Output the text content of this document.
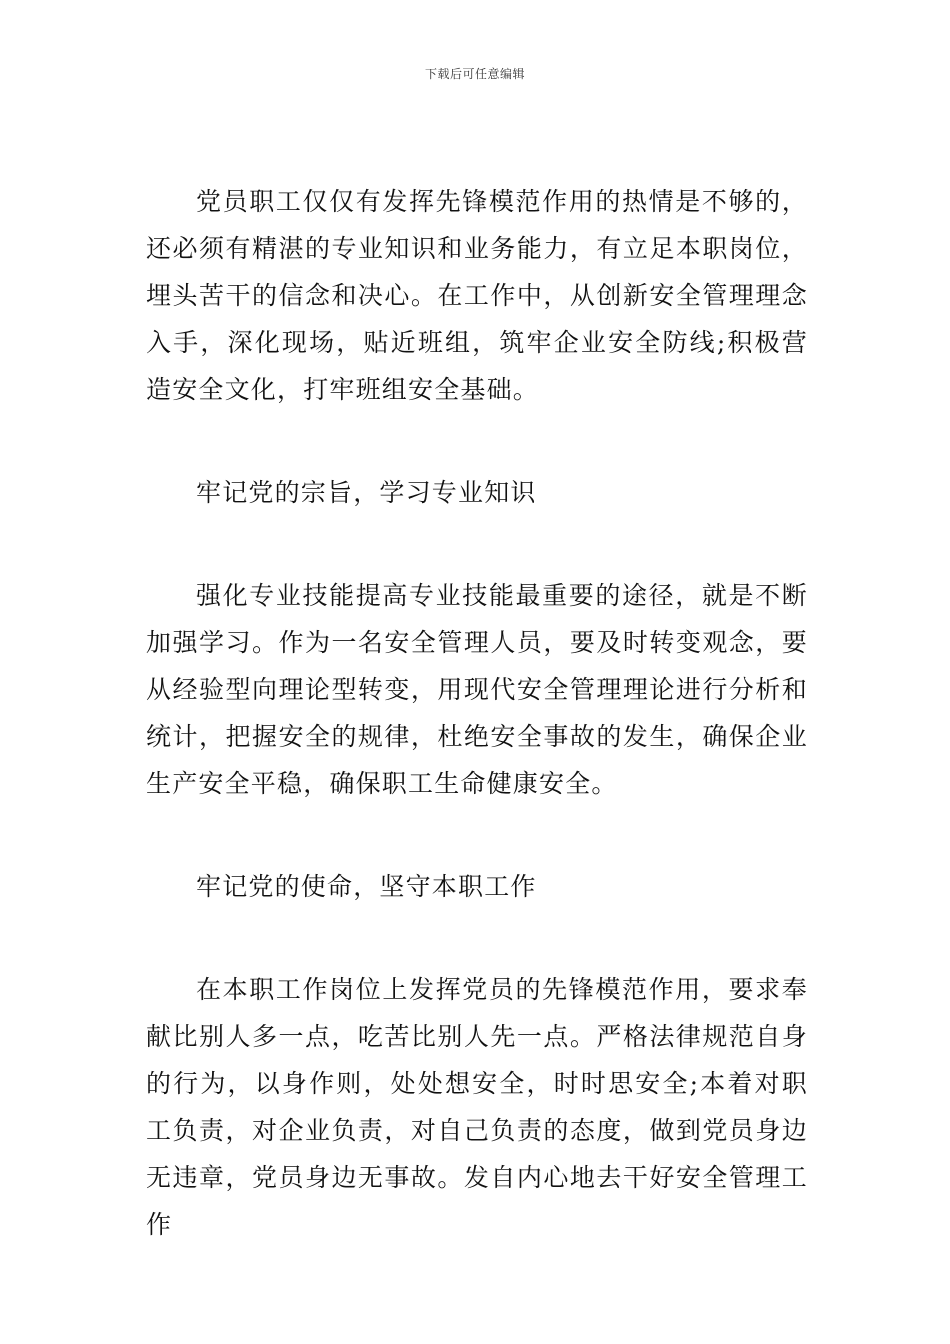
下载后可任意编辑

党员职工仅仅有发挥先锋模范作用的热情是不够的，还必须有精湛的专业知识和业务能力，有立足本职岗位，埋头苦干的信念和决心。在工作中，从创新安全管理理念入手，深化现场，贴近班组，筑牢企业安全防线;积极营造安全文化，打牢班组安全基础。

牢记党的宗旨，学习专业知识

强化专业技能提高专业技能最重要的途径，就是不断加强学习。作为一名安全管理人员，要及时转变观念，要从经验型向理论型转变，用现代安全管理理论进行分析和统计，把握安全的规律，杜绝安全事故的发生，确保企业生产安全平稳，确保职工生命健康安全。

牢记党的使命，坚守本职工作

在本职工作岗位上发挥党员的先锋模范作用，要求奉献比别人多一点，吃苦比别人先一点。严格法律规范自身的行为，以身作则，处处想安全，时时思安全;本着对职工负责，对企业负责，对自己负责的态度，做到党员身边无违章，党员身边无事故。发自内心地去干好安全管理工作
